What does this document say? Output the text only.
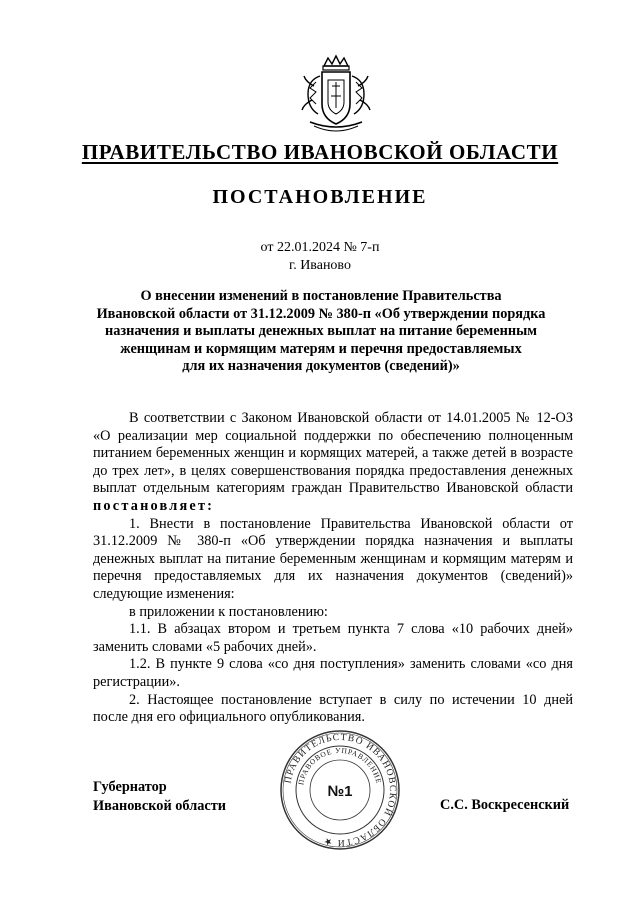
ПРАВИТЕЛЬСТВО ИВАНОВСКОЙ ОБЛАСТИ
ПОСТАНОВЛЕНИЕ
от 22.01.2024 № 7-п
г. Иваново
О внесении изменений в постановление Правительства
Ивановской области от 31.12.2009 № 380-п «Об утверждении порядка
назначения и выплаты денежных выплат на питание беременным
женщинам и кормящим матерям и перечня предоставляемых
для их назначения документов (сведений)»

В соответствии с Законом Ивановской области от 14.01.2005 № 12-ОЗ «О реализации мер социальной поддержки по обеспечению полноценным питанием беременных женщин и кормящих матерей, а также детей в возрасте до трех лет», в целях совершенствования порядка предоставления денежных выплат отдельным категориям граждан Правительство Ивановской области постановляет:

1. Внести в постановление Правительства Ивановской области от 31.12.2009 № 380-п «Об утверждении порядка назначения и выплаты денежных выплат на питание беременным женщинам и кормящим матерям и перечня предоставляемых для их назначения документов (сведений)» следующие изменения:

в приложении к постановлению:

1.1. В абзацах втором и третьем пункта 7 слова «10 рабочих дней» заменить словами «5 рабочих дней».

1.2. В пункте 9 слова «со дня поступления» заменить словами «со дня регистрации».

2. Настоящее постановление вступает в силу по истечении 10 дней после дня его официального опубликования.

Губернатор
Ивановской области	С.С. Воскресенский
ПРАВИТЕЛЬСТВО ИВАНОВСКОЙ ОБЛАСТИ ★
ПРАВОВОЕ УПРАВЛЕНИЕ
№1
